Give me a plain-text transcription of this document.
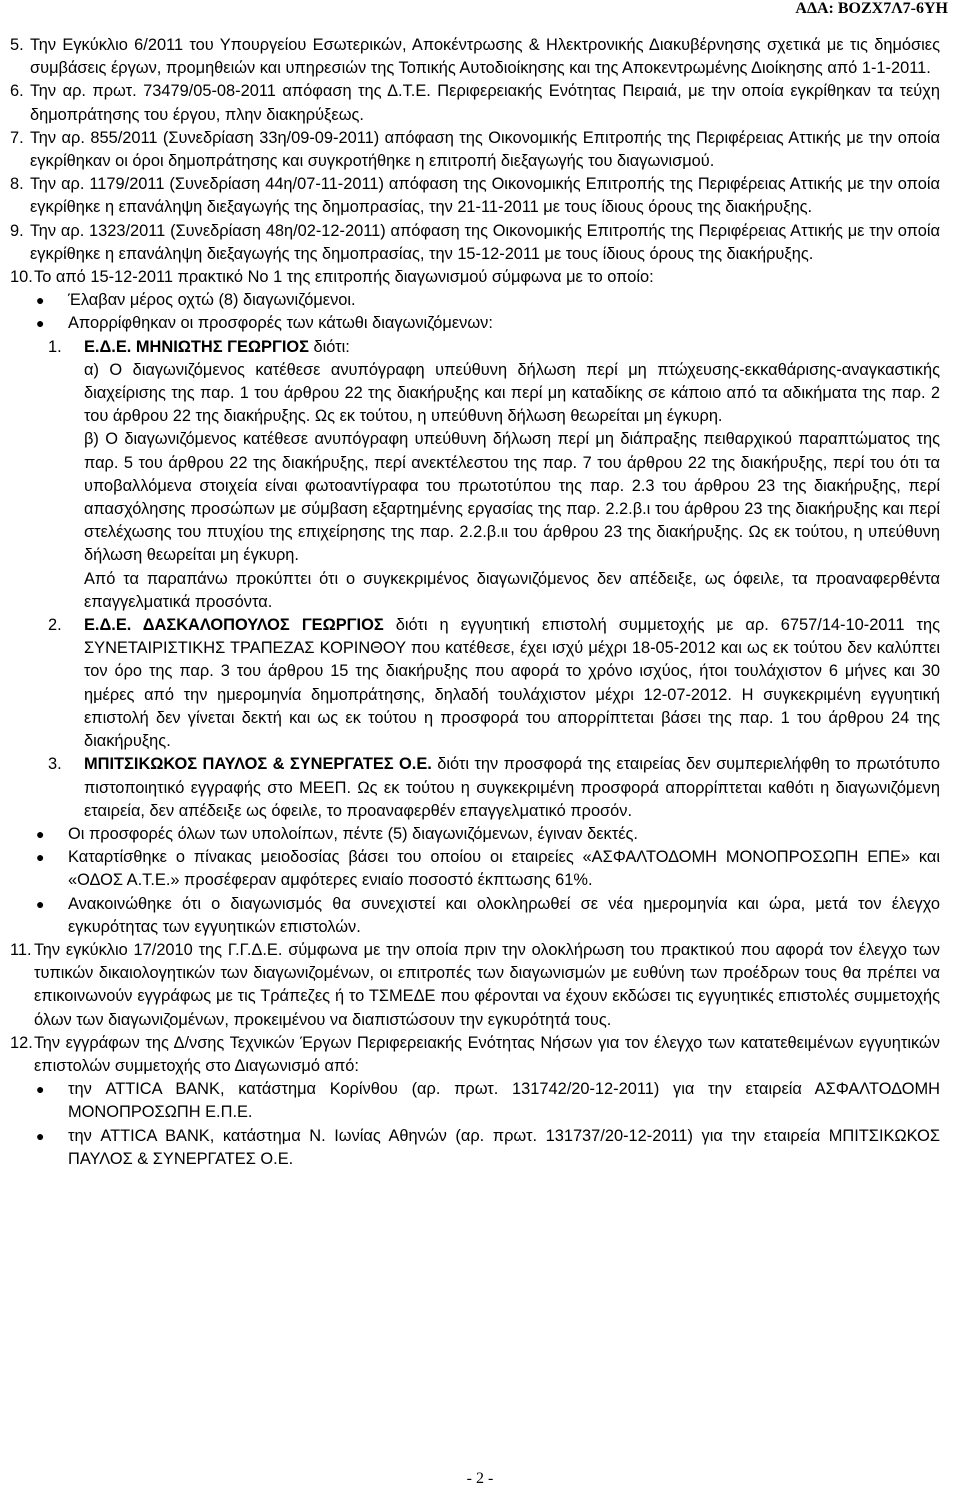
ΑΔΑ: ΒΟΖΧ7Λ7-6ΥΗ
5. Την Εγκύκλιο 6/2011 του Υπουργείου Εσωτερικών, Αποκέντρωσης & Ηλεκτρονικής Διακυβέρνησης σχετικά με τις δημόσιες συμβάσεις έργων, προμηθειών και υπηρεσιών της Τοπικής Αυτοδιοίκησης και της Αποκεντρωμένης Διοίκησης από 1-1-2011.
6. Την αρ. πρωτ. 73479/05-08-2011 απόφαση της Δ.Τ.Ε. Περιφερειακής Ενότητας Πειραιά, με την οποία εγκρίθηκαν τα τεύχη δημοπράτησης του έργου, πλην διακηρύξεως.
7. Την αρ. 855/2011 (Συνεδρίαση 33η/09-09-2011) απόφαση της Οικονομικής Επιτροπής της Περιφέρειας Αττικής με την οποία εγκρίθηκαν οι όροι δημοπράτησης και συγκροτήθηκε η επιτροπή διεξαγωγής του διαγωνισμού.
8. Την αρ. 1179/2011 (Συνεδρίαση 44η/07-11-2011) απόφαση της Οικονομικής Επιτροπής της Περιφέρειας Αττικής με την οποία εγκρίθηκε η επανάληψη διεξαγωγής της δημοπρασίας, την 21-11-2011 με τους ίδιους όρους της διακήρυξης.
9. Την αρ. 1323/2011 (Συνεδρίαση 48η/02-12-2011) απόφαση της Οικονομικής Επιτροπής της Περιφέρειας Αττικής με την οποία εγκρίθηκε η επανάληψη διεξαγωγής της δημοπρασίας, την 15-12-2011 με τους ίδιους όρους της διακήρυξης.
10. Το από 15-12-2011 πρακτικό Νο 1 της επιτροπής διαγωνισμού σύμφωνα με το οποίο:
● Έλαβαν μέρος οχτώ (8) διαγωνιζόμενοι.
● Απορρίφθηκαν οι προσφορές των κάτωθι διαγωνιζόμενων:
1. Ε.Δ.Ε. ΜΗΝΙΩΤΗΣ ΓΕΩΡΓΙΟΣ διότι:
α) Ο διαγωνιζόμενος κατέθεσε ανυπόγραφη υπεύθυνη δήλωση περί μη πτώχευσης-εκκαθάρισης-αναγκαστικής διαχείρισης της παρ. 1 του άρθρου 22 της διακήρυξης και περί μη καταδίκης σε κάποιο από τα αδικήματα της παρ. 2 του άρθρου 22 της διακήρυξης. Ως εκ τούτου, η υπεύθυνη δήλωση θεωρείται μη έγκυρη.
β) Ο διαγωνιζόμενος κατέθεσε ανυπόγραφη υπεύθυνη δήλωση περί μη διάπραξης πειθαρχικού παραπτώματος της παρ. 5 του άρθρου 22 της διακήρυξης, περί ανεκτέλεστου της παρ. 7 του άρθρου 22 της διακήρυξης, περί του ότι τα υποβαλλόμενα στοιχεία είναι φωτοαντίγραφα του πρωτοτύπου της παρ. 2.3 του άρθρου 23 της διακήρυξης, περί απασχόλησης προσώπων με σύμβαση εξαρτημένης εργασίας της παρ. 2.2.β.ι του άρθρου 23 της διακήρυξης και περί στελέχωσης του πτυχίου της επιχείρησης της παρ. 2.2.β.ιι του άρθρου 23 της διακήρυξης. Ως εκ τούτου, η υπεύθυνη δήλωση θεωρείται μη έγκυρη.
Από τα παραπάνω προκύπτει ότι ο συγκεκριμένος διαγωνιζόμενος δεν απέδειξε, ως όφειλε, τα προαναφερθέντα επαγγελματικά προσόντα.
2. Ε.Δ.Ε. ΔΑΣΚΑΛΟΠΟΥΛΟΣ ΓΕΩΡΓΙΟΣ διότι η εγγυητική επιστολή συμμετοχής με αρ. 6757/14-10-2011 της ΣΥΝΕΤΑΙΡΙΣΤΙΚΗΣ ΤΡΑΠΕΖΑΣ ΚΟΡΙΝΘΟΥ που κατέθεσε, έχει ισχύ μέχρι 18-05-2012 και ως εκ τούτου δεν καλύπτει τον όρο της παρ. 3 του άρθρου 15 της διακήρυξης που αφορά το χρόνο ισχύος, ήτοι τουλάχιστον 6 μήνες και 30 ημέρες από την ημερομηνία δημοπράτησης, δηλαδή τουλάχιστον μέχρι 12-07-2012. Η συγκεκριμένη εγγυητική επιστολή δεν γίνεται δεκτή και ως εκ τούτου η προσφορά του απορρίπτεται βάσει της παρ. 1 του άρθρου 24 της διακήρυξης.
3. ΜΠΙΤΣΙΚΩΚΟΣ ΠΑΥΛΟΣ & ΣΥΝΕΡΓΑΤΕΣ Ο.Ε. διότι την προσφορά της εταιρείας δεν συμπεριελήφθη το πρωτότυπο πιστοποιητικό εγγραφής στο ΜΕΕΠ. Ως εκ τούτου η συγκεκριμένη προσφορά απορρίπτεται καθότι η διαγωνιζόμενη εταιρεία, δεν απέδειξε ως όφειλε, το προαναφερθέν επαγγελματικό προσόν.
● Οι προσφορές όλων των υπολοίπων, πέντε (5) διαγωνιζόμενων, έγιναν δεκτές.
● Καταρτίσθηκε ο πίνακας μειοδοσίας βάσει του οποίου οι εταιρείες «ΑΣΦΑΛΤΟΔΟΜΗ ΜΟΝΟΠΡΟΣΩΠΗ ΕΠΕ» και «ΟΔΟΣ Α.Τ.Ε.» προσέφεραν αμφότερες ενιαίο ποσοστό έκπτωσης 61%.
● Ανακοινώθηκε ότι ο διαγωνισμός θα συνεχιστεί και ολοκληρωθεί σε νέα ημερομηνία και ώρα, μετά τον έλεγχο εγκυρότητας των εγγυητικών επιστολών.
11. Την εγκύκλιο 17/2010 της Γ.Γ.Δ.Ε. σύμφωνα με την οποία πριν την ολοκλήρωση του πρακτικού που αφορά τον έλεγχο των τυπικών δικαιολογητικών των διαγωνιζομένων, οι επιτροπές των διαγωνισμών με ευθύνη των προέδρων τους θα πρέπει να επικοινωνούν εγγράφως με τις Τράπεζες ή το ΤΣΜΕΔΕ που φέρονται να έχουν εκδώσει τις εγγυητικές επιστολές συμμετοχής όλων των διαγωνιζομένων, προκειμένου να διαπιστώσουν την εγκυρότητά τους.
12. Την εγγράφων της Δ/νσης Τεχνικών Έργων Περιφερειακής Ενότητας Νήσων για τον έλεγχο των κατατεθειμένων εγγυητικών επιστολών συμμετοχής στο Διαγωνισμό από:
● την ATTICA BANK, κατάστημα Κορίνθου (αρ. πρωτ. 131742/20-12-2011) για την εταιρεία ΑΣΦΑΛΤΟΔΟΜΗ ΜΟΝΟΠΡΟΣΩΠΗ Ε.Π.Ε.
● την ATTICA BANK, κατάστημα Ν. Ιωνίας Αθηνών (αρ. πρωτ. 131737/20-12-2011) για την εταιρεία ΜΠΙΤΣΙΚΩΚΟΣ ΠΑΥΛΟΣ & ΣΥΝΕΡΓΑΤΕΣ Ο.Ε.
- 2 -
